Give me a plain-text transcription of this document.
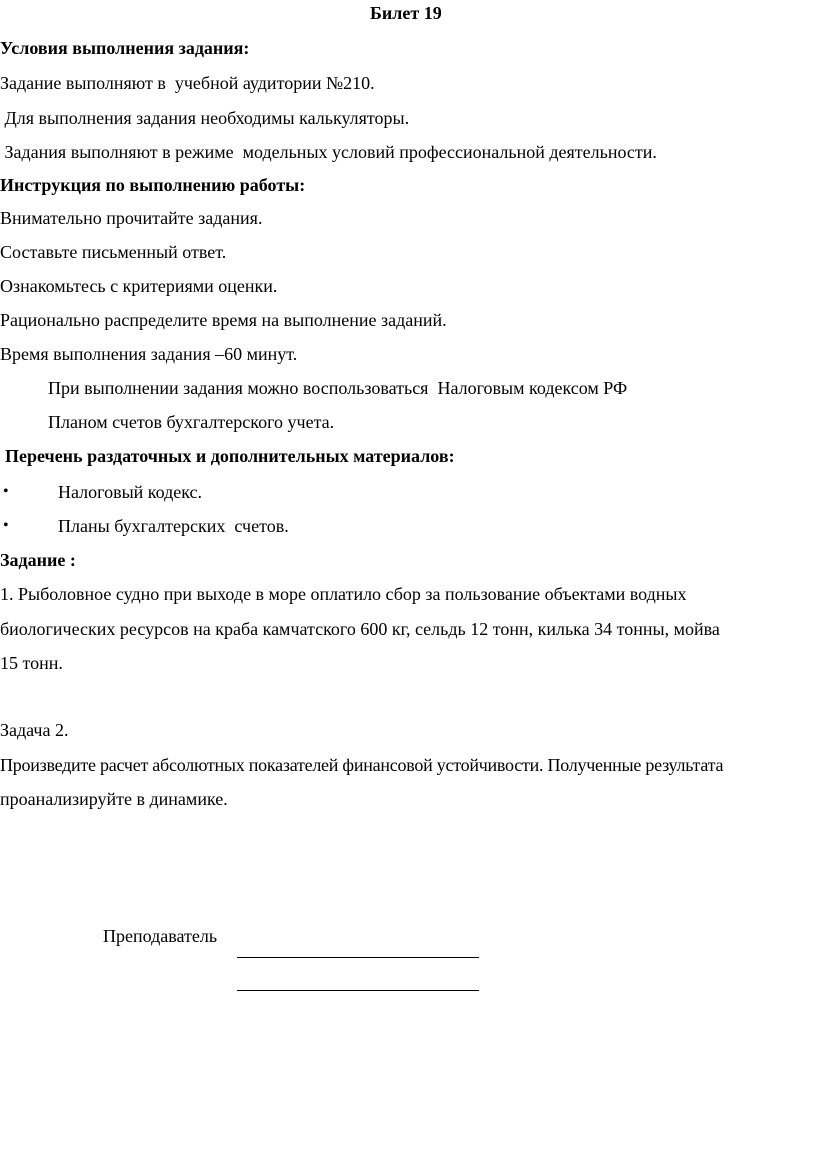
Билет 19
Условия выполнения задания:
Задание выполняют в  учебной аудитории №210.
Для выполнения задания необходимы калькуляторы.
Задания выполняют в режиме  модельных условий профессиональной деятельности.
Инструкция по выполнению работы:
Внимательно прочитайте задания.
Составьте письменный ответ.
Ознакомьтесь с критериями оценки.
Рационально распределите время на выполнение заданий.
Время выполнения задания –60 минут.
При выполнении задания можно воспользоваться  Налоговым кодексом РФ
Планом счетов бухгалтерского учета.
Перечень раздаточных и дополнительных материалов:
•	Налоговый кодекс.
•	Планы бухгалтерских  счетов.
Задание :
1. Рыболовное судно при выходе в море оплатило сбор за пользование объектами водных
биологических ресурсов на краба камчатского 600 кг, сельдь 12 тонн, килька 34 тонны, мойва
15 тонн.
Задача 2.
Произведите расчет абсолютных показателей финансовой устойчивости. Полученные результата
проанализируйте в динамике.
Преподаватель
